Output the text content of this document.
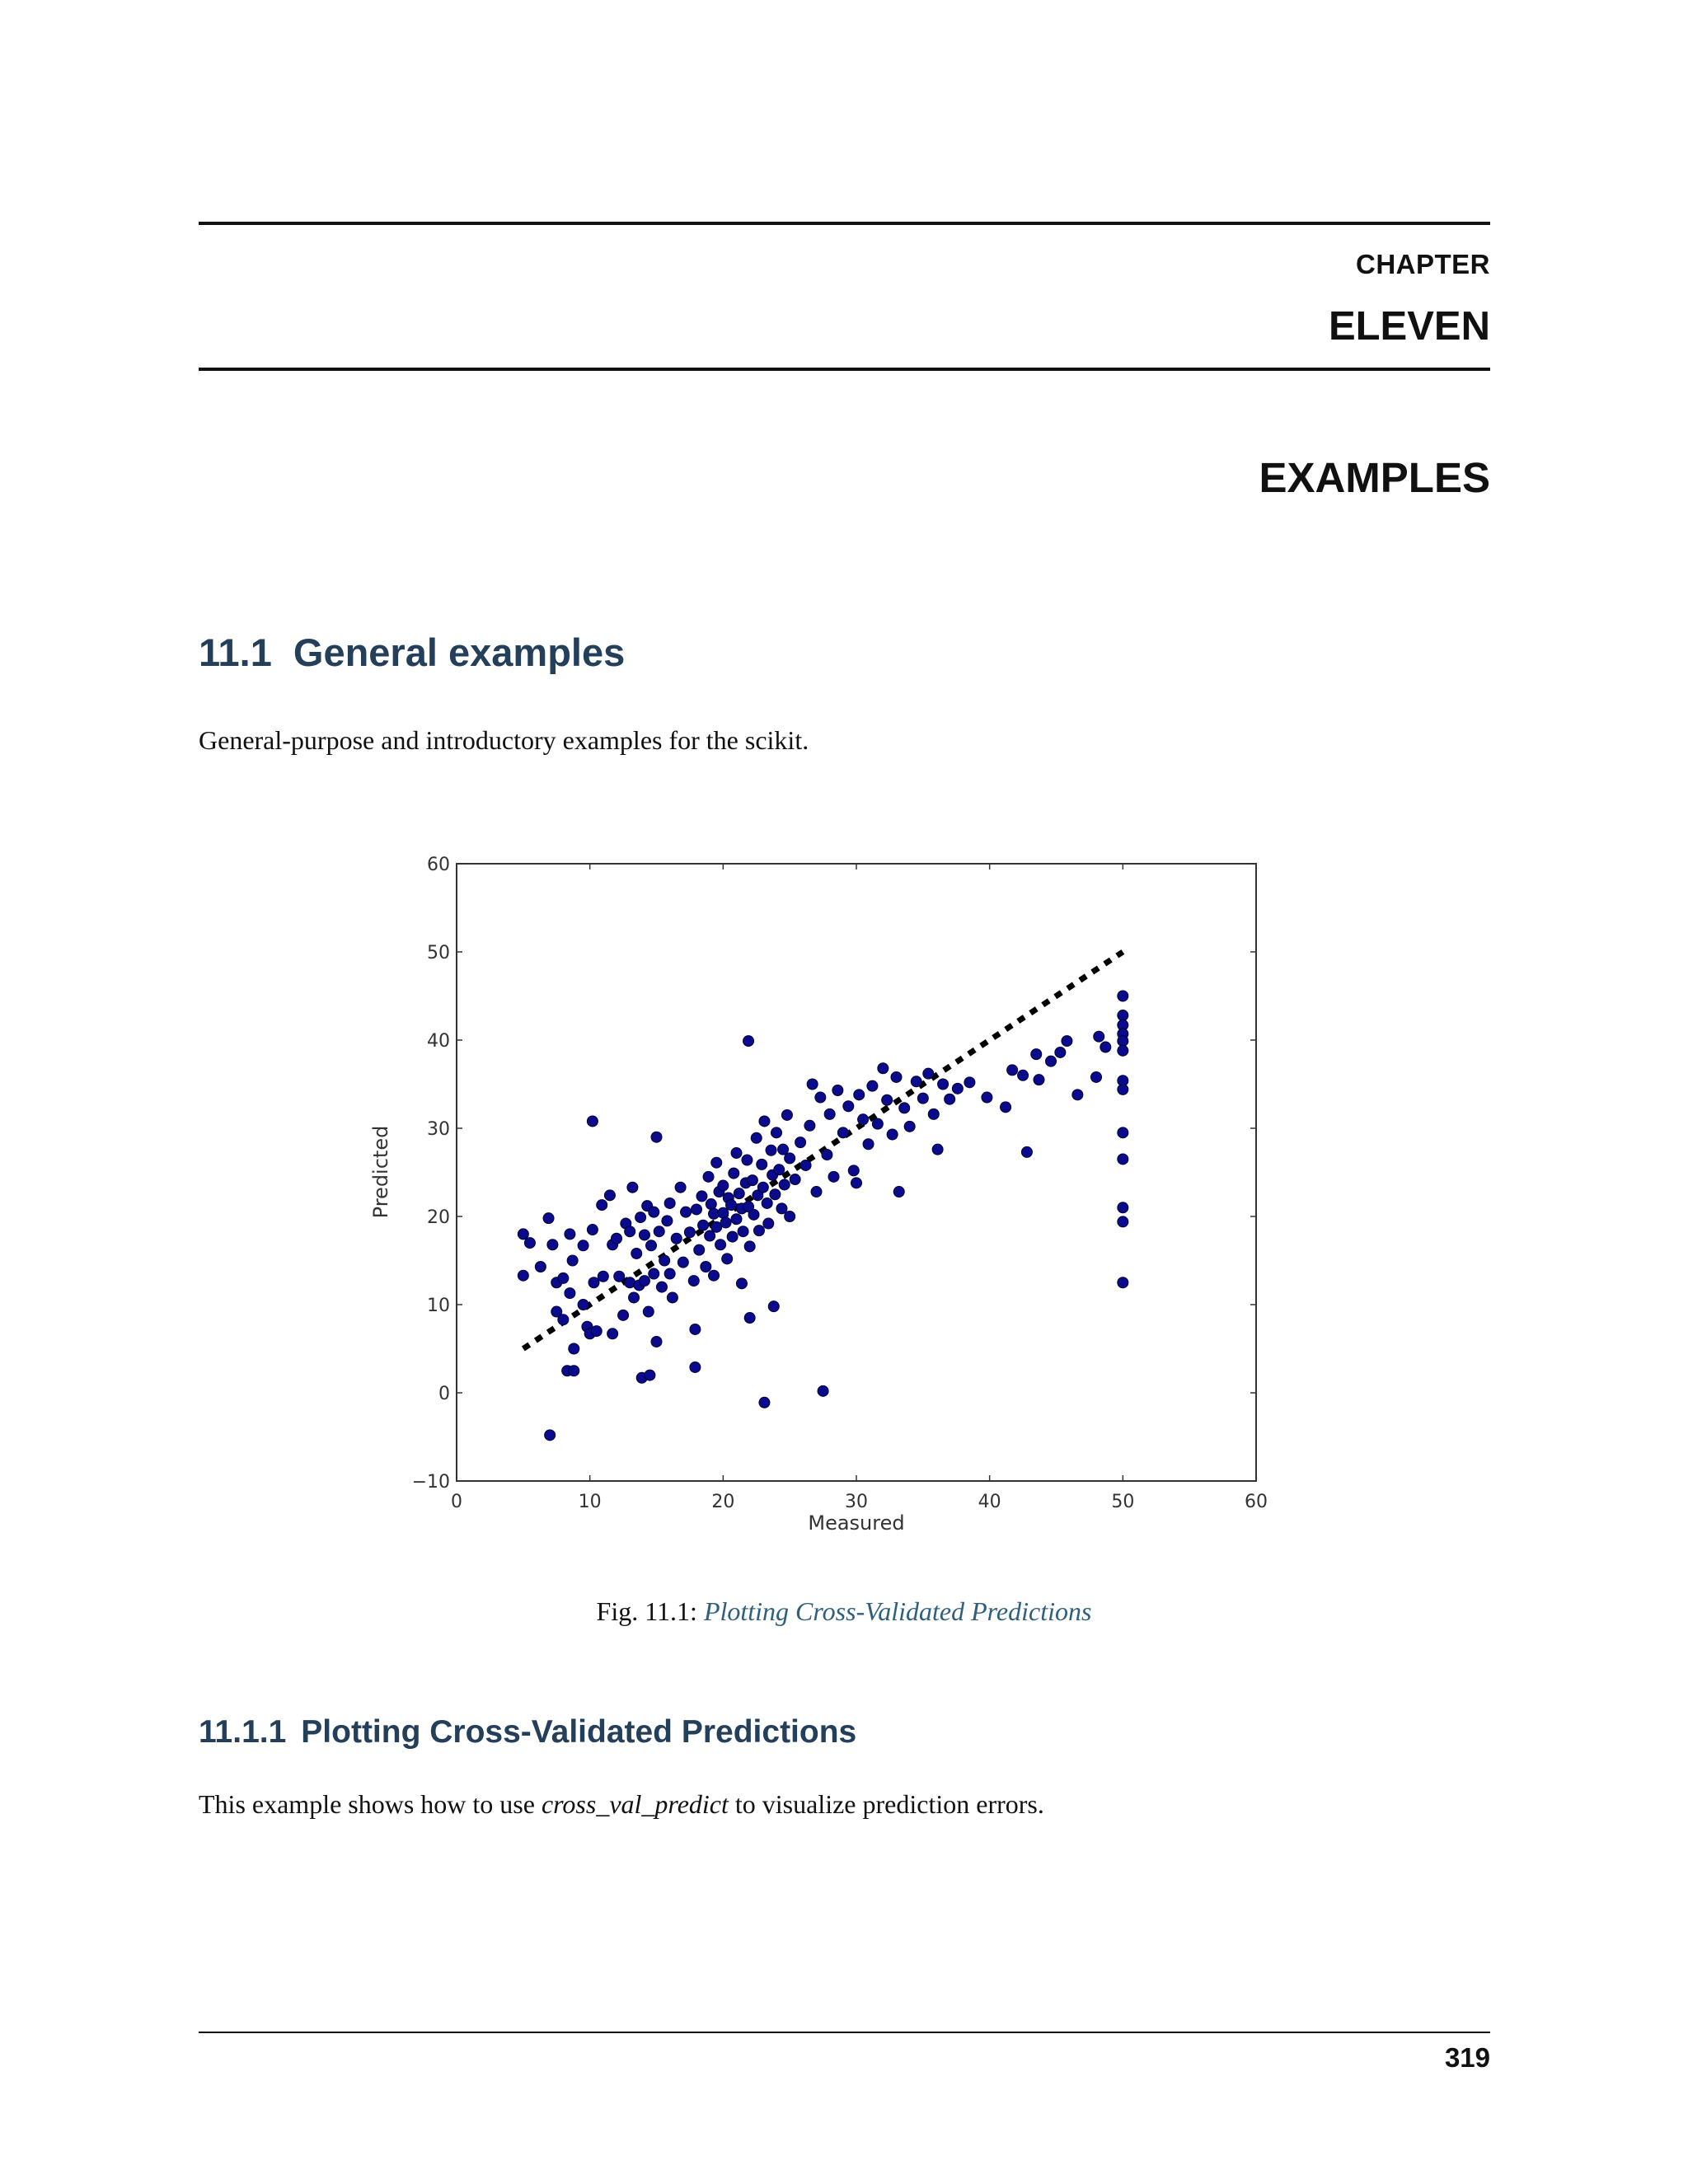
CHAPTER
ELEVEN
EXAMPLES
11.1 General examples

General-purpose and introductory examples for the scikit.

0	10	20	30	40	50	60
−10
0
10
20
30
40
50
60
Measured
Predicted
Fig. 11.1: Plotting Cross-Validated Predictions
11.1.1 Plotting Cross-Validated Predictions

This example shows how to use cross_val_predict to visualize prediction errors.

319
